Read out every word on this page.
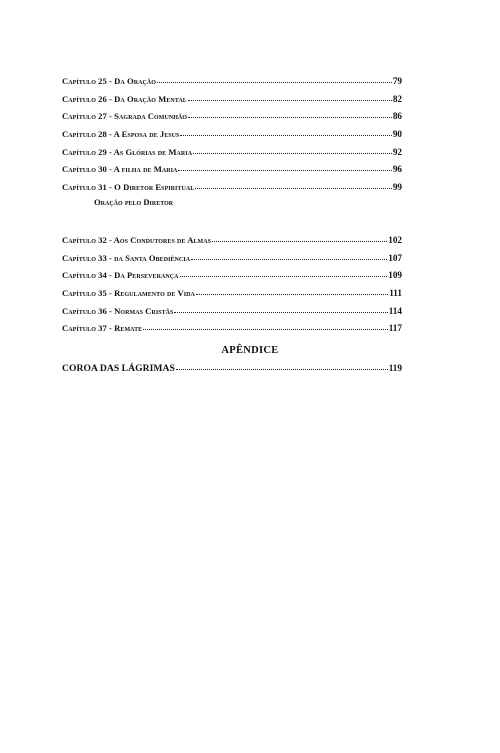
Capítulo 25 - Da Oração	79
Capítulo 26 - Da Oração Mental	82
Capítulo 27 - Sagrada Comunhão	86
Capítulo 28 - A Esposa de Jesus	90
Capítulo 29 - As Glórias de Maria	92
Capítulo 30 - A filha de Maria	96
Capítulo 31 - O Diretor Espiritual	99
Oração pelo Diretor
Capítulo 32 - Aos Condutores de Almas	102
Capítulo 33 - da Santa Obediência	107
Capítulo 34 - Da Perseverança	109
Capítulo 35 - Regulamento de Vida	111
Capítulo 36 - Normas Cristãs	114
Capítulo 37 - Remate	117
APÊNDICE
COROA DAS LÁGRIMAS	119
